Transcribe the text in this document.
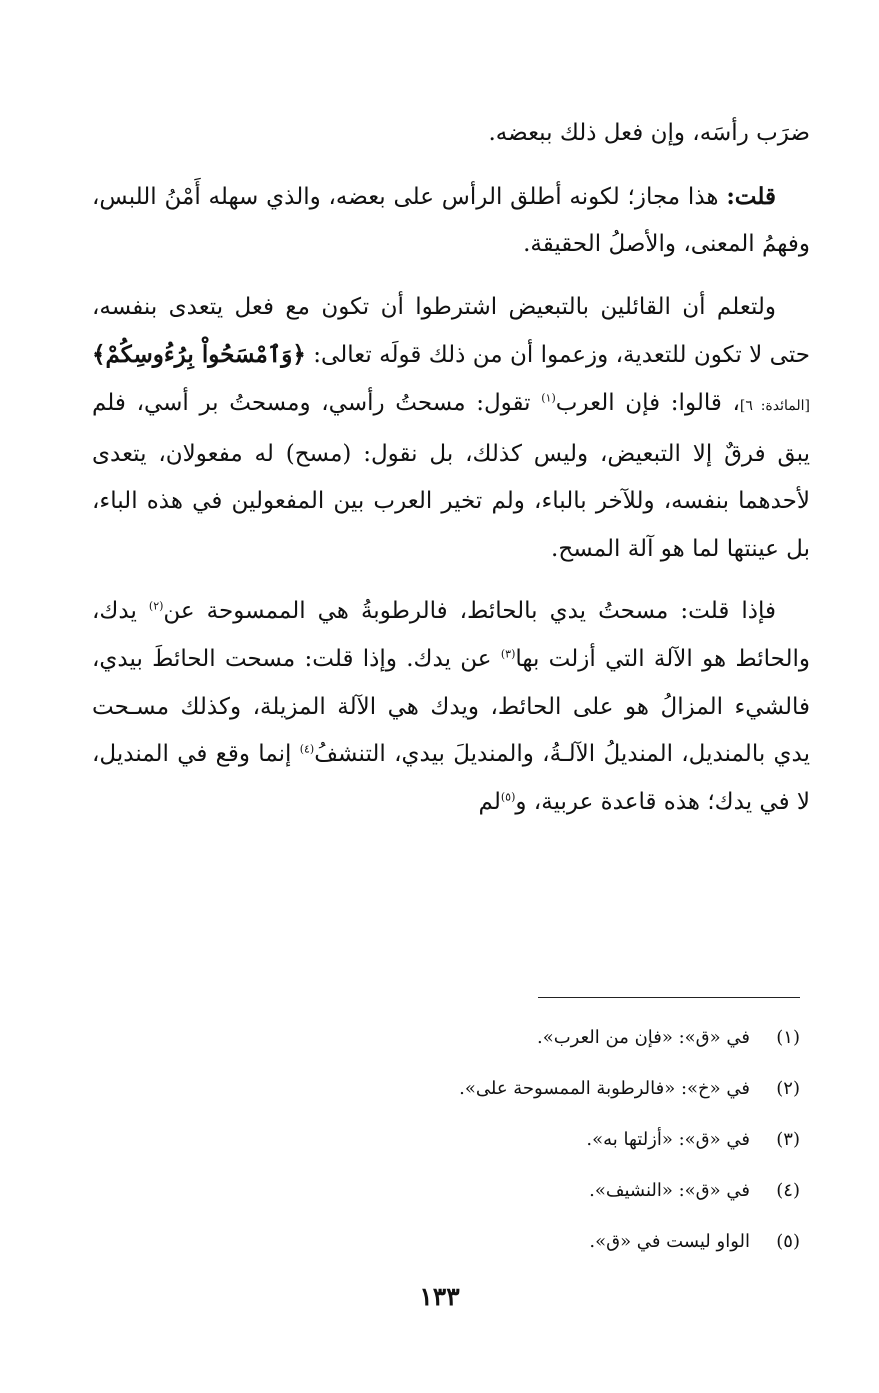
ضرَب رأسَه، وإن فعل ذلك ببعضه.

قلت: هذا مجاز؛ لكونه أطلق الرأس على بعضه، والذي سهله أَمْنُ اللبس، وفهمُ المعنى، والأصلُ الحقيقة.

ولتعلم أن القائلين بالتبعيض اشترطوا أن تكون مع فعل يتعدى بنفسه، حتى لا تكون للتعدية، وزعموا أن من ذلك قولَه تعالى: ﴿وَٱمْسَحُواْ بِرُءُوسِكُمْ﴾[المائدة: ٦]، قالوا: فإن العرب$^{(١)}$ تقول: مسحتُ رأسي، ومسحتُ بر أسي، فلم يبق فرقٌ إلا التبعيض، وليس كذلك، بل نقول: (مسح) له مفعولان، يتعدى لأحدهما بنفسه، وللآخر بالباء، ولم تخير العرب بين المفعولين في هذه الباء، بل عينتها لما هو آلة المسح.

فإذا قلت: مسحتُ يدي بالحائط، فالرطوبةُ هي الممسوحة عن$^{(٢)}$ يدك، والحائط هو الآلة التي أزلت بها$^{(٣)}$ عن يدك. وإذا قلت: مسحت الحائطَ بيدي، فالشيء المزالُ هو على الحائط، ويدك هي الآلة المزيلة، وكذلك مسـحت يدي بالمنديل، المنديلُ الآلـةُ، والمنديلَ بيدي، التنشفُ$^{(٤)}$ إنما وقع في المنديل، لا في يدك؛ هذه قاعدة عربية، و$^{(٥)}$لم

(١)
في «ق»: «فإن من العرب».
(٢)
في «خ»: «فالرطوبة الممسوحة على».
(٣)
في «ق»: «أزلتها به».
(٤)
في «ق»: «النشيف».
(٥)
الواو ليست في «ق».
١٣٣
